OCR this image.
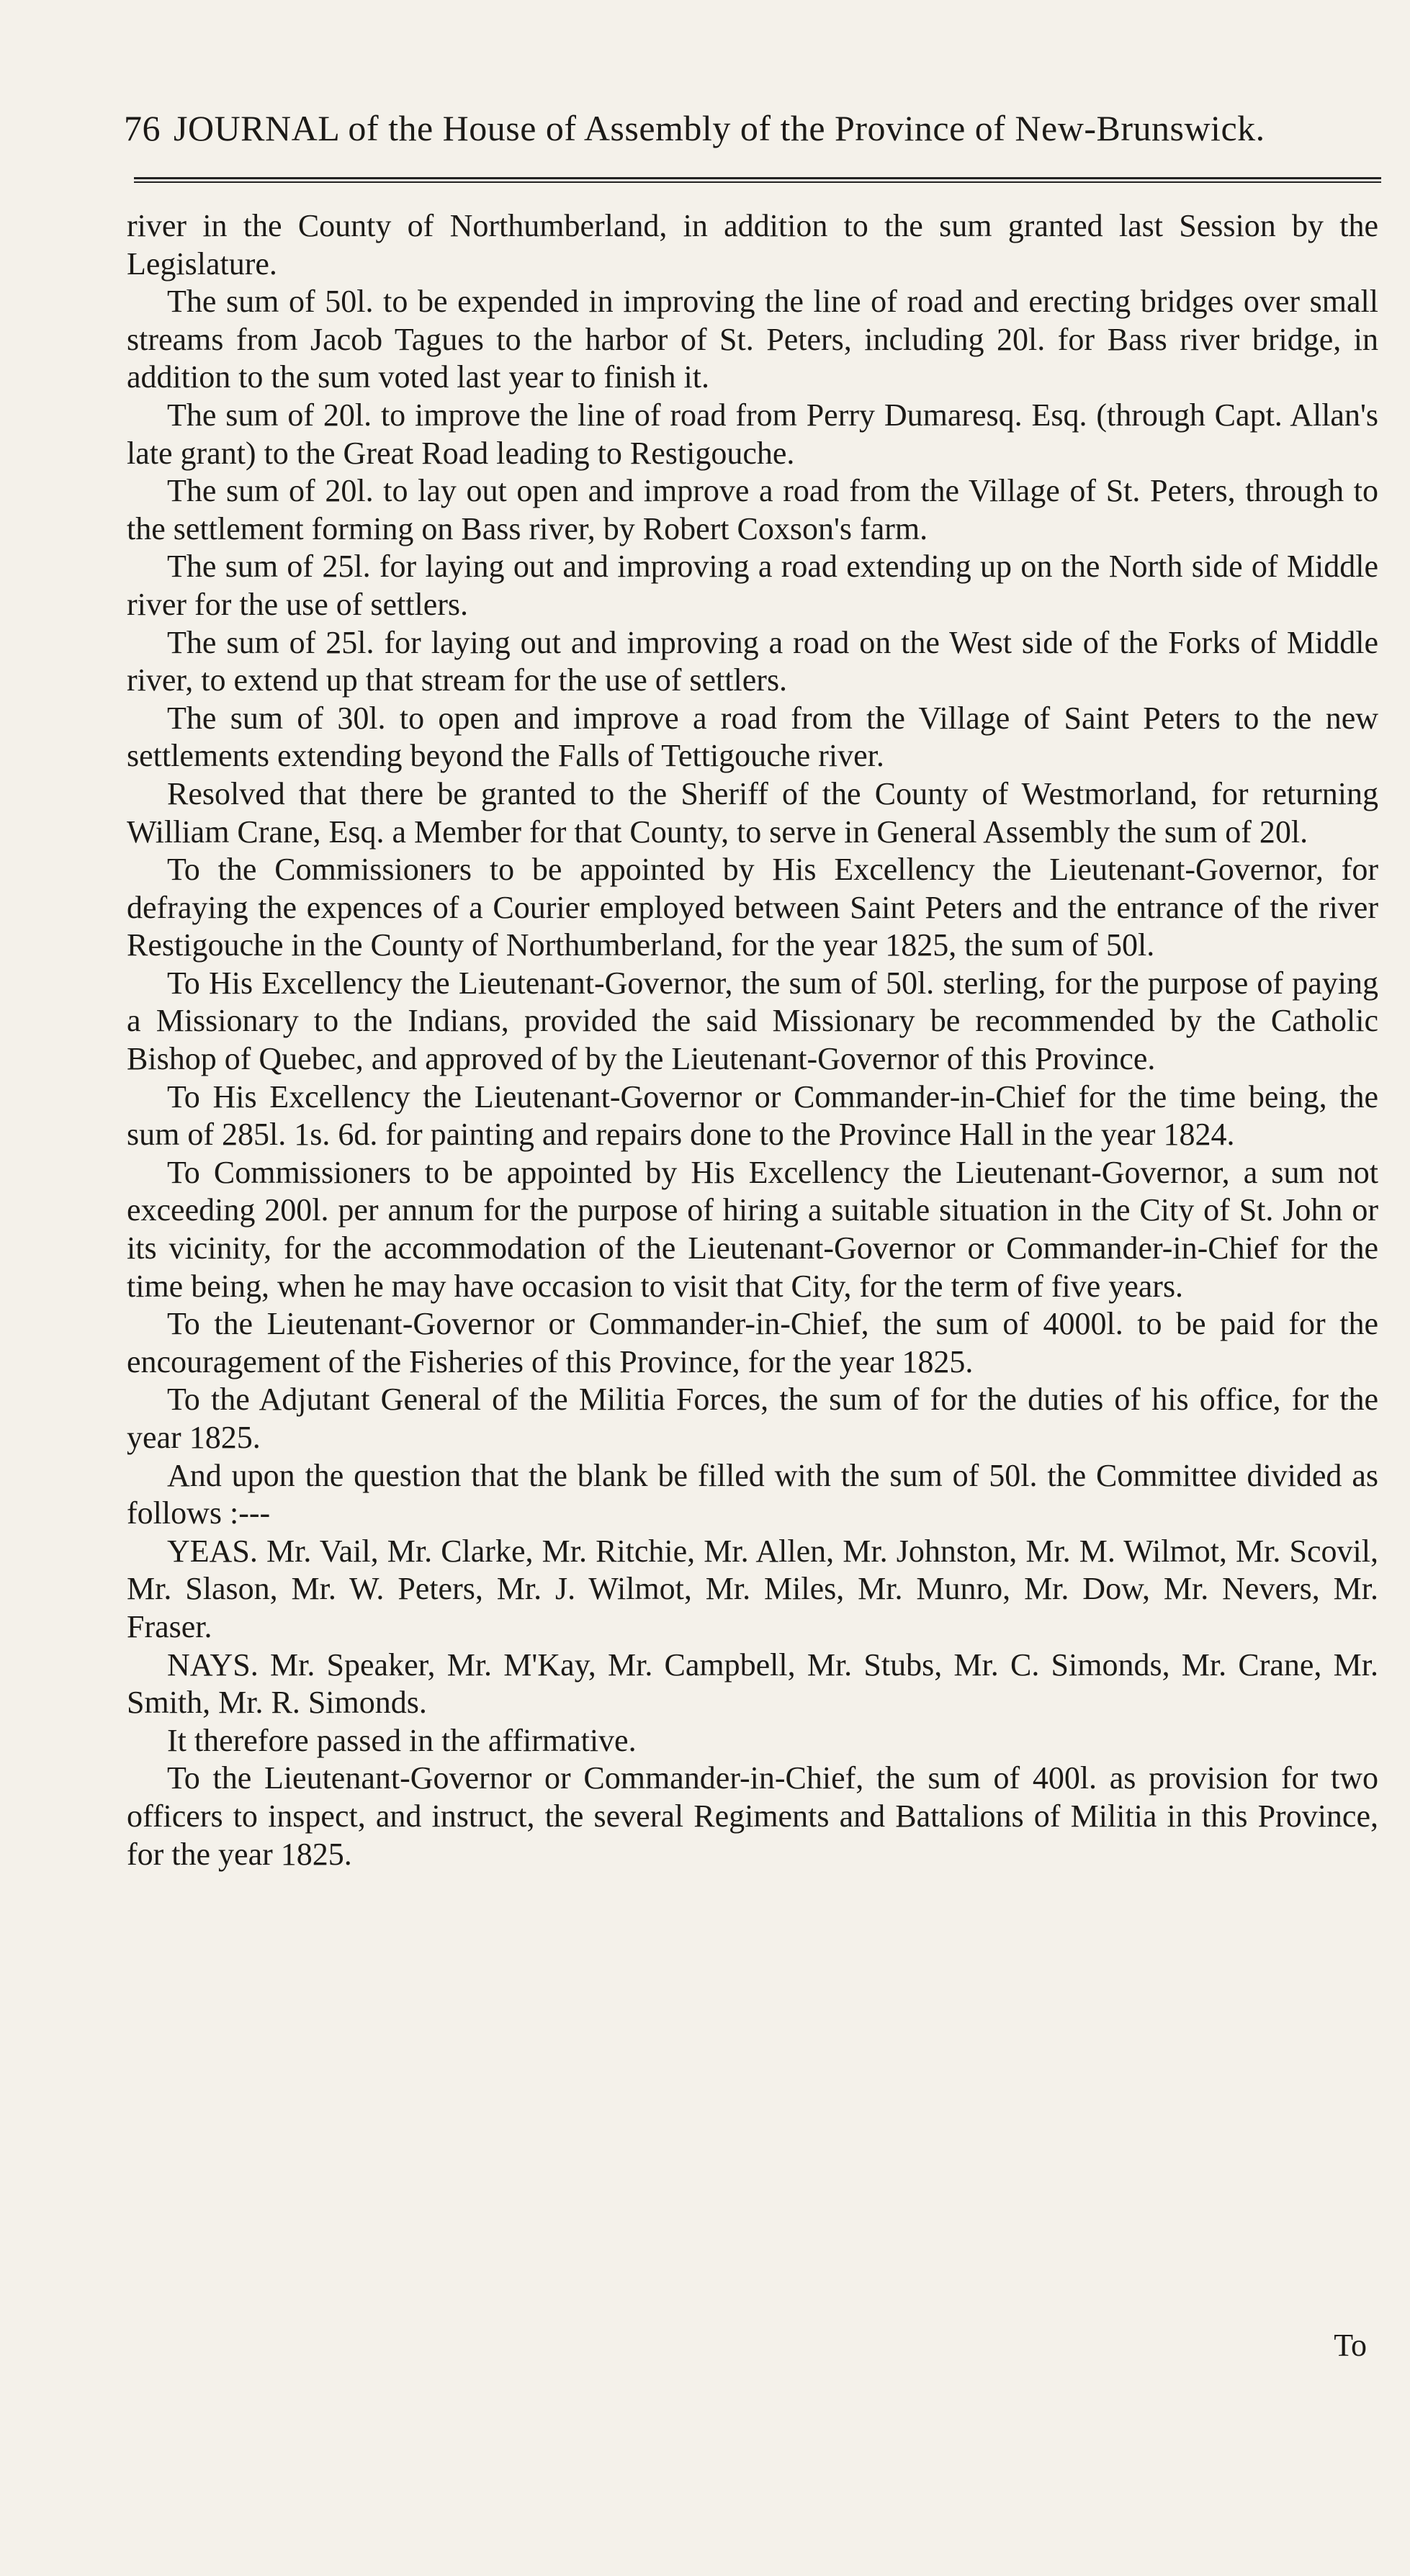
76 JOURNAL of the House of Assembly of the Province of New-Brunswick.

river in the County of Northumberland, in addition to the sum granted last Session by the Legislature.

The sum of 50l. to be expended in improving the line of road and erecting bridges over small streams from Jacob Tagues to the harbor of St. Peters, including 20l. for Bass river bridge, in addition to the sum voted last year to finish it.

The sum of 20l. to improve the line of road from Perry Dumaresq. Esq. (through Capt. Allan's late grant) to the Great Road leading to Restigouche.

The sum of 20l. to lay out open and improve a road from the Village of St. Peters, through to the settlement forming on Bass river, by Robert Coxson's farm.

The sum of 25l. for laying out and improving a road extending up on the North side of Middle river for the use of settlers.

The sum of 25l. for laying out and improving a road on the West side of the Forks of Middle river, to extend up that stream for the use of settlers.

The sum of 30l. to open and improve a road from the Village of Saint Peters to the new settlements extending beyond the Falls of Tettigouche river.

Resolved that there be granted to the Sheriff of the County of Westmorland, for returning William Crane, Esq. a Member for that County, to serve in General Assembly the sum of 20l.

To the Commissioners to be appointed by His Excellency the Lieutenant-Governor, for defraying the expences of a Courier employed between Saint Peters and the entrance of the river Restigouche in the County of Northumberland, for the year 1825, the sum of 50l.

To His Excellency the Lieutenant-Governor, the sum of 50l. sterling, for the purpose of paying a Missionary to the Indians, provided the said Missionary be recommended by the Catholic Bishop of Quebec, and approved of by the Lieutenant-Governor of this Province.

To His Excellency the Lieutenant-Governor or Commander-in-Chief for the time being, the sum of 285l. 1s. 6d. for painting and repairs done to the Province Hall in the year 1824.

To Commissioners to be appointed by His Excellency the Lieutenant-Governor, a sum not exceeding 200l. per annum for the purpose of hiring a suitable situation in the City of St. John or its vicinity, for the accommodation of the Lieutenant-Governor or Commander-in-Chief for the time being, when he may have occasion to visit that City, for the term of five years.

To the Lieutenant-Governor or Commander-in-Chief, the sum of 4000l. to be paid for the encouragement of the Fisheries of this Province, for the year 1825.

To the Adjutant General of the Militia Forces, the sum of for the duties of his office, for the year 1825.

And upon the question that the blank be filled with the sum of 50l. the Committee divided as follows :---

YEAS. Mr. Vail, Mr. Clarke, Mr. Ritchie, Mr. Allen, Mr. Johnston, Mr. M. Wilmot, Mr. Scovil, Mr. Slason, Mr. W. Peters, Mr. J. Wilmot, Mr. Miles, Mr. Munro, Mr. Dow, Mr. Nevers, Mr. Fraser.

NAYS. Mr. Speaker, Mr. M'Kay, Mr. Campbell, Mr. Stubs, Mr. C. Simonds, Mr. Crane, Mr. Smith, Mr. R. Simonds.

It therefore passed in the affirmative.

To the Lieutenant-Governor or Commander-in-Chief, the sum of 400l. as provision for two officers to inspect, and instruct, the several Regiments and Battalions of Militia in this Province, for the year 1825.

To
